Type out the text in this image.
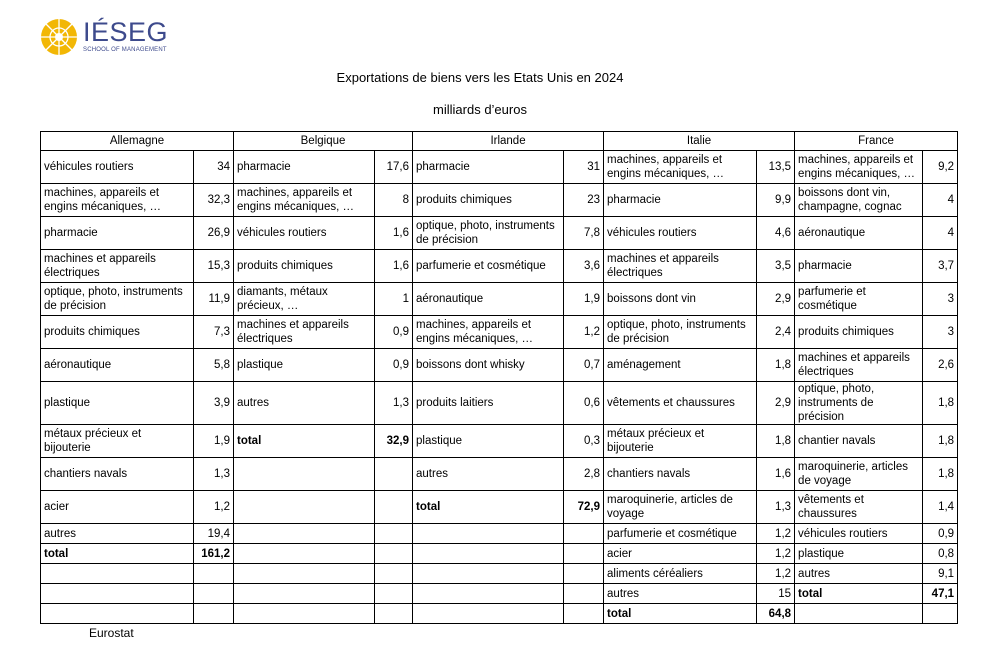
IÉSEG
SCHOOL OF MANAGEMENT
Exportations de biens vers les Etats Unis en 2024
milliards d’euros
Allemagne		Belgique		Irlande		Italie		France	
véhicules routiers	34	pharmacie	17,6	pharmacie	31	machines, appareils et engins mécaniques, …	13,5	machines, appareils et engins mécaniques, …	9,2
machines, appareils et engins mécaniques, …	32,3	machines, appareils et engins mécaniques, …	8	produits chimiques	23	pharmacie	9,9	boissons dont vin, champagne, cognac	4
pharmacie	26,9	véhicules routiers	1,6	optique, photo, instruments de précision	7,8	véhicules routiers	4,6	aéronautique	4
machines et appareils électriques	15,3	produits chimiques	1,6	parfumerie et cosmétique	3,6	machines et appareils électriques	3,5	pharmacie	3,7
optique, photo, instruments de précision	11,9	diamants, métaux précieux, …	1	aéronautique	1,9	boissons dont vin	2,9	parfumerie et cosmétique	3
produits chimiques	7,3	machines et appareils électriques	0,9	machines, appareils et engins mécaniques, …	1,2	optique, photo, instruments de précision	2,4	produits chimiques	3
aéronautique	5,8	plastique	0,9	boissons dont whisky	0,7	aménagement	1,8	machines et appareils électriques	2,6
plastique	3,9	autres	1,3	produits laitiers	0,6	vêtements et chaussures	2,9	optique, photo, instruments de précision	1,8
métaux précieux et bijouterie	1,9	total	32,9	plastique	0,3	métaux précieux et bijouterie	1,8	chantier navals	1,8
chantiers navals	1,3			autres	2,8	chantiers navals	1,6	maroquinerie, articles de voyage	1,8
acier	1,2			total	72,9	maroquinerie, articles de voyage	1,3	vêtements et chaussures	1,4
autres	19,4					parfumerie et cosmétique	1,2	véhicules routiers	0,9
total	161,2					acier	1,2	plastique	0,8
						aliments céréaliers	1,2	autres	9,1
						autres	15	total	47,1
						total	64,8		
Eurostat
